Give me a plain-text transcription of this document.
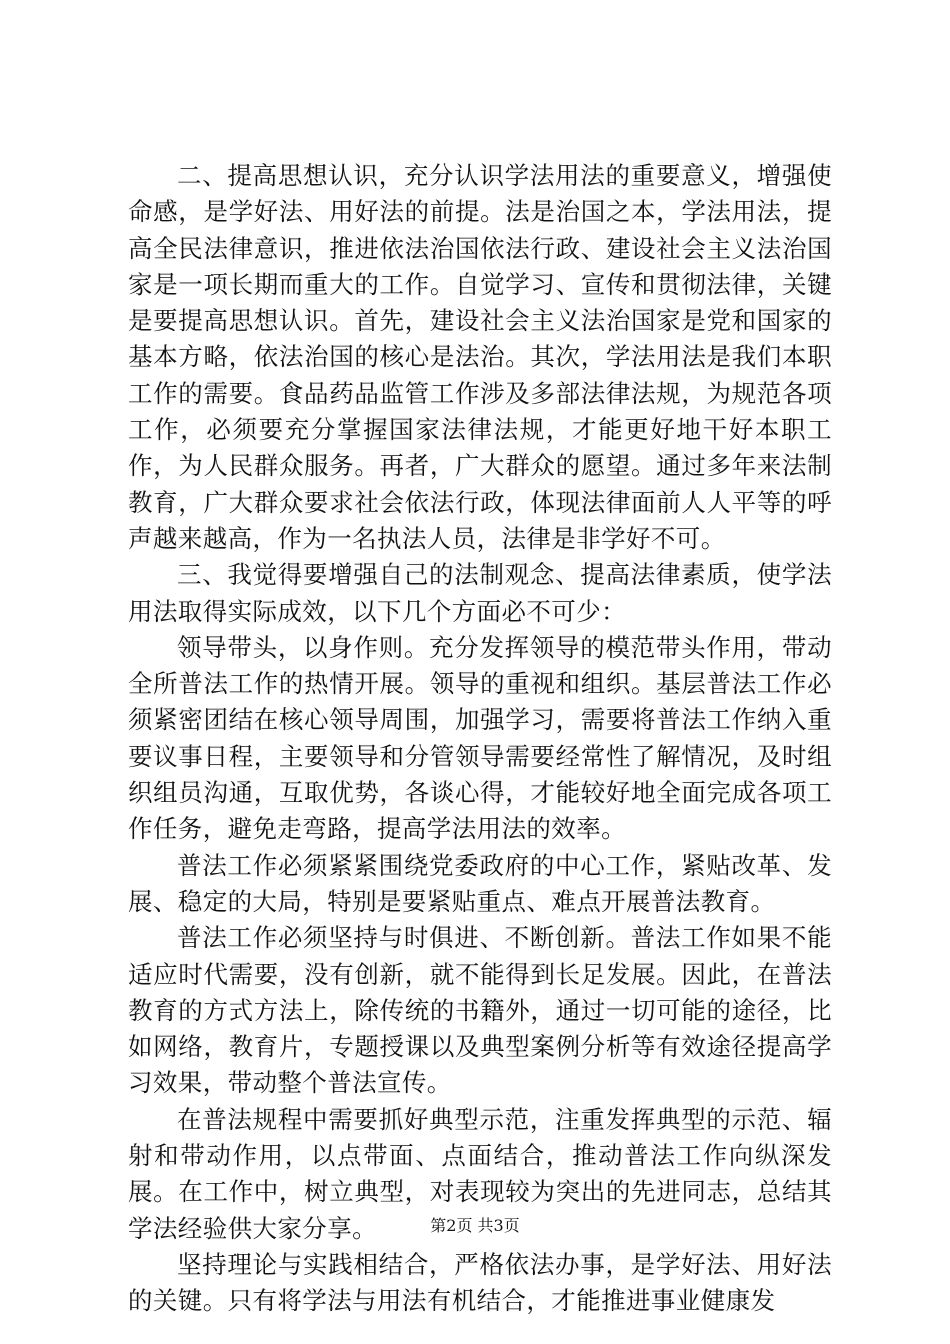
二、提高思想认识，充分认识学法用法的重要意义，增强使命感，是学好法、用好法的前提。法是治国之本，学法用法，提高全民法律意识，推进依法治国依法行政、建设社会主义法治国家是一项长期而重大的工作。自觉学习、宣传和贯彻法律，关键是要提高思想认识。首先，建设社会主义法治国家是党和国家的基本方略，依法治国的核心是法治。其次，学法用法是我们本职工作的需要。食品药品监管工作涉及多部法律法规，为规范各项工作，必须要充分掌握国家法律法规，才能更好地干好本职工作，为人民群众服务。再者，广大群众的愿望。通过多年来法制教育，广大群众要求社会依法行政，体现法律面前人人平等的呼声越来越高，作为一名执法人员，法律是非学好不可。

三、我觉得要增强自己的法制观念、提高法律素质，使学法用法取得实际成效，以下几个方面必不可少：

领导带头，以身作则。充分发挥领导的模范带头作用，带动全所普法工作的热情开展。领导的重视和组织。基层普法工作必须紧密团结在核心领导周围，加强学习，需要将普法工作纳入重要议事日程，主要领导和分管领导需要经常性了解情况，及时组织组员沟通，互取优势，各谈心得，才能较好地全面完成各项工作任务，避免走弯路，提高学法用法的效率。

普法工作必须紧紧围绕党委政府的中心工作，紧贴改革、发展、稳定的大局，特别是要紧贴重点、难点开展普法教育。

普法工作必须坚持与时俱进、不断创新。普法工作如果不能适应时代需要，没有创新，就不能得到长足发展。因此，在普法教育的方式方法上，除传统的书籍外，通过一切可能的途径，比如网络，教育片，专题授课以及典型案例分析等有效途径提高学习效果，带动整个普法宣传。

在普法规程中需要抓好典型示范，注重发挥典型的示范、辐射和带动作用，以点带面、点面结合，推动普法工作向纵深发展。在工作中，树立典型，对表现较为突出的先进同志，总结其学法经验供大家分享。

坚持理论与实践相结合，严格依法办事，是学好法、用好法的关键。只有将学法与用法有机结合，才能推进事业健康发

第2页 共3页
